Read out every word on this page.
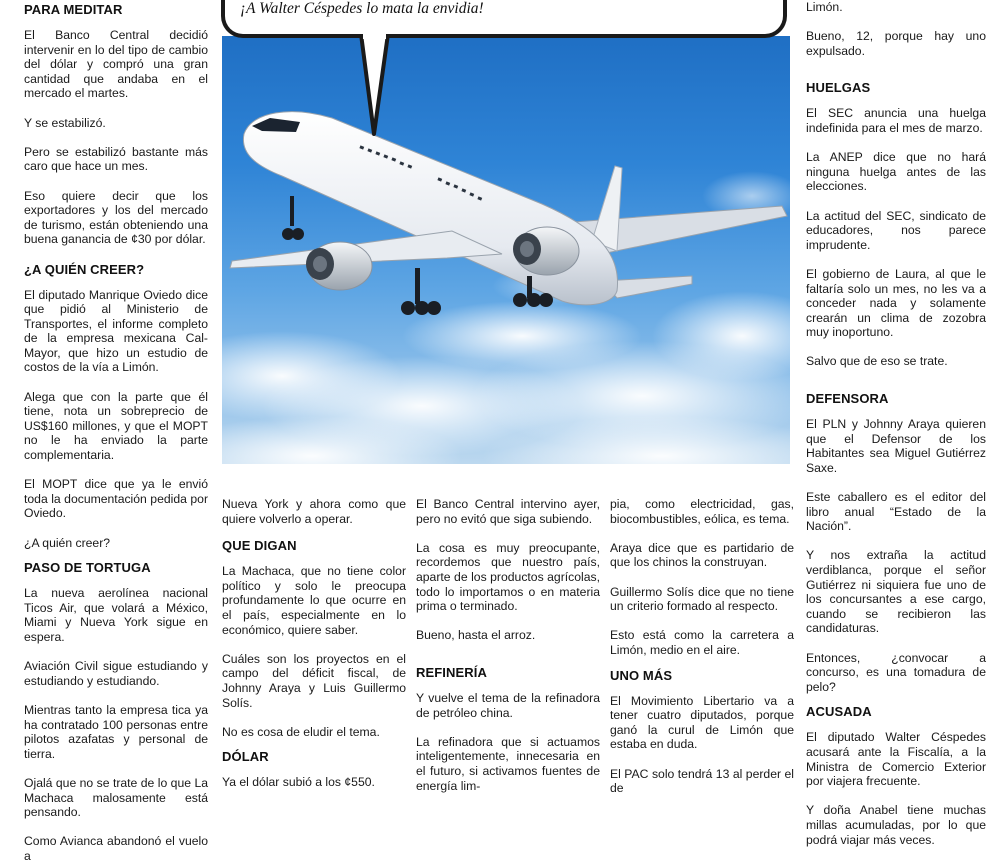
PARA MEDITAR

El Banco Central decidió intervenir en lo del tipo de cambio del dólar y compró una gran cantidad que andaba en el mercado el martes.

Y se estabilizó.

Pero se estabilizó bastante más caro que hace un mes.

Eso quiere decir que los exportadores y los del mercado de turismo, están obteniendo una buena ganancia de ¢30 por dólar.

¿A QUIÉN CREER?

El diputado Manrique Oviedo dice que pidió al Ministerio de Transportes, el informe completo de la empresa mexicana Cal-Mayor, que hizo un estudio de costos de la vía a Limón.

Alega que con la parte que él tiene, nota un sobreprecio de US$160 millones, y que el MOPT no le ha enviado la parte complementaria.

El MOPT dice que ya le envió toda la documentación pedida por Oviedo.

¿A quién creer?

PASO DE TORTUGA

La nueva aerolínea nacional Ticos Air, que volará a México, Miami y Nueva York sigue en espera.

Aviación Civil sigue estudiando y estudiando y estudiando.

Mientras tanto la empresa tica ya ha contratado 100 personas entre pilotos azafatas y personal de tierra.

Ojalá que no se trate de lo que La Machaca malosamente está pensando.

Como Avianca abandonó el vuelo a

¡A Walter Céspedes lo mata la envidia!

Nueva York y ahora como que quiere volverlo a operar.

QUE DIGAN

La Machaca, que no tiene color político y solo le preocupa profundamente lo que ocurre en el país, especialmente en lo económico, quiere saber.

Cuáles son los proyectos en el campo del déficit fiscal, de Johnny Araya y Luis Guillermo Solís.

No es cosa de eludir el tema.

DÓLAR

Ya el dólar subió a los ¢550.

El Banco Central intervino ayer, pero no evitó que siga subiendo.

La cosa es muy preocupante, recordemos que nuestro país, aparte de los productos agrícolas, todo lo importamos o en materia prima o terminado.

Bueno, hasta el arroz.

REFINERÍA

Y vuelve el tema de la refinadora de petróleo china.

La refinadora que si actuamos inteligentemente, innecesaria en el futuro, si activamos fuentes de energía lim-

pia, como electricidad, gas, biocombustibles, eólica, es tema.

Araya dice que es partidario de que los chinos la construyan.

Guillermo Solís dice que no tiene un criterio formado al respecto.

Esto está como la carretera a Limón, medio en el aire.

UNO MÁS

El Movimiento Libertario va a tener cuatro diputados, porque ganó la curul de Limón que estaba en duda.

El PAC solo tendrá 13 al perder el de

Limón.

Bueno, 12, porque hay uno expulsado.

HUELGAS

El SEC anuncia una huelga indefinida para el mes de marzo.

La ANEP dice que no hará ninguna huelga antes de las elecciones.

La actitud del SEC, sindicato de educadores, nos parece imprudente.

El gobierno de Laura, al que le faltaría solo un mes, no les va a conceder nada y solamente crearán un clima de zozobra muy inoportuno.

Salvo que de eso se trate.

DEFENSORA

El PLN y Johnny Araya quieren que el Defensor de los Habitantes sea Miguel Gutiérrez Saxe.

Este caballero es el editor del libro anual “Estado de la Nación”.

Y nos extraña la actitud verdiblanca, porque el señor Gutiérrez ni siquiera fue uno de los concursantes a ese cargo, cuando se recibieron las candidaturas.

Entonces, ¿convocar a concurso, es una tomadura de pelo?

ACUSADA

El diputado Walter Céspedes acusará ante la Fiscalía, a la Ministra de Comercio Exterior por viajera frecuente.

Y doña Anabel tiene muchas millas acumuladas, por lo que podrá viajar más veces.
